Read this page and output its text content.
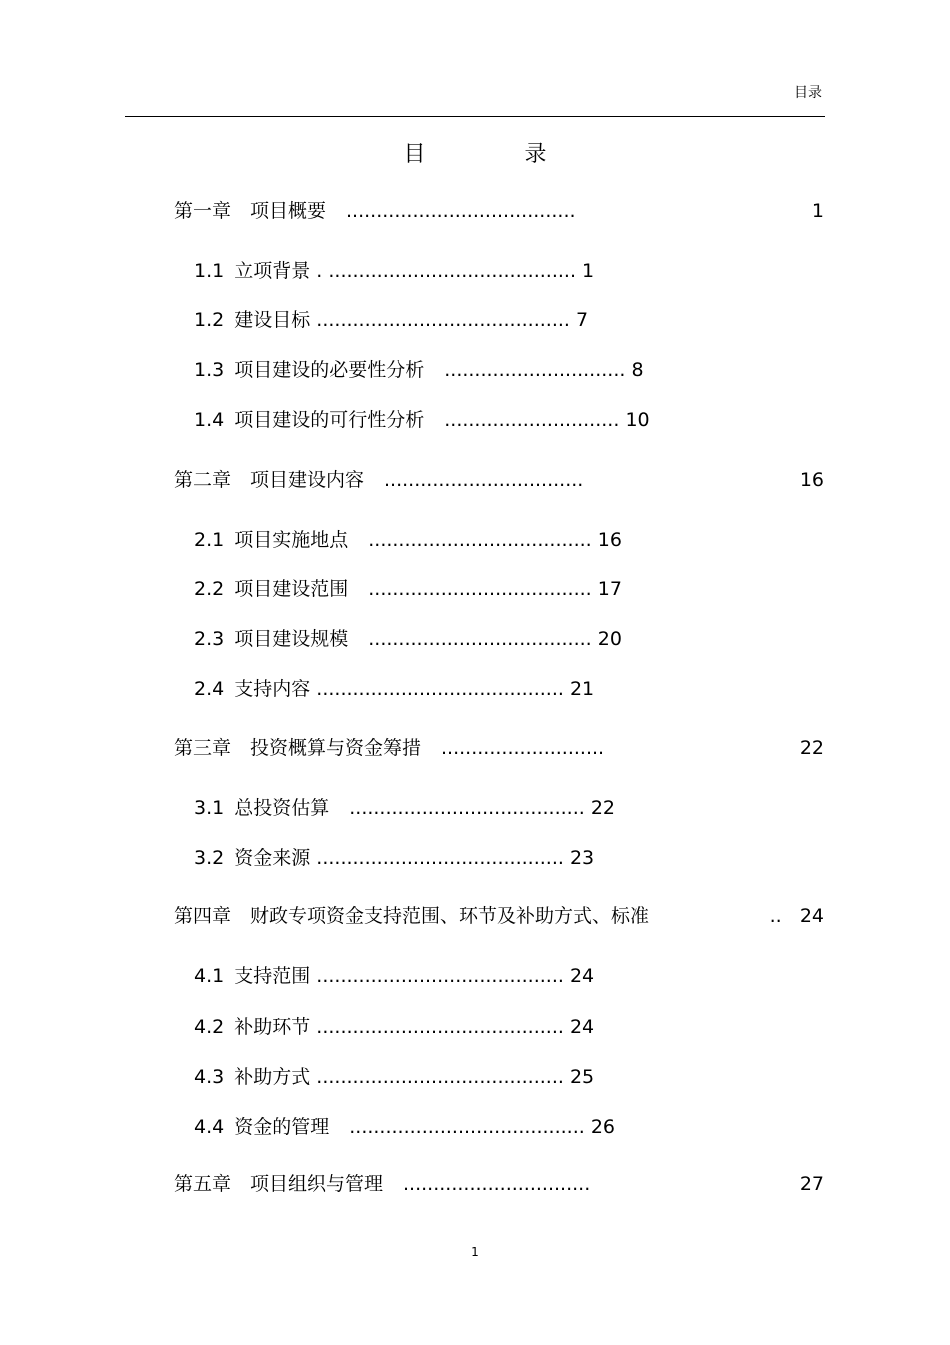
目录
目 录
第一章　项目概要 ......................................	1
1.1 立项背景 . ......................................... 1
1.2 建设目标 .......................................... 7
1.3 项目建设的必要性分析 .............................. 8
1.4 项目建设的可行性分析 ............................. 10
第二章　项目建设内容 .................................	16
2.1 项目实施地点 ..................................... 16
2.2 项目建设范围 ..................................... 17
2.3 项目建设规模 ..................................... 20
2.4 支持内容 ......................................... 21
第三章　投资概算与资金筹措 ...........................	22
3.1 总投资估算 ....................................... 22
3.2 资金来源 ......................................... 23
第四章　财政专项资金支持范围、环节及补助方式、标准	.. 24
4.1 支持范围 ......................................... 24
4.2 补助环节 ......................................... 24
4.3 补助方式 ......................................... 25
4.4 资金的管理 ....................................... 26
第五章　项目组织与管理 ...............................	27
1
